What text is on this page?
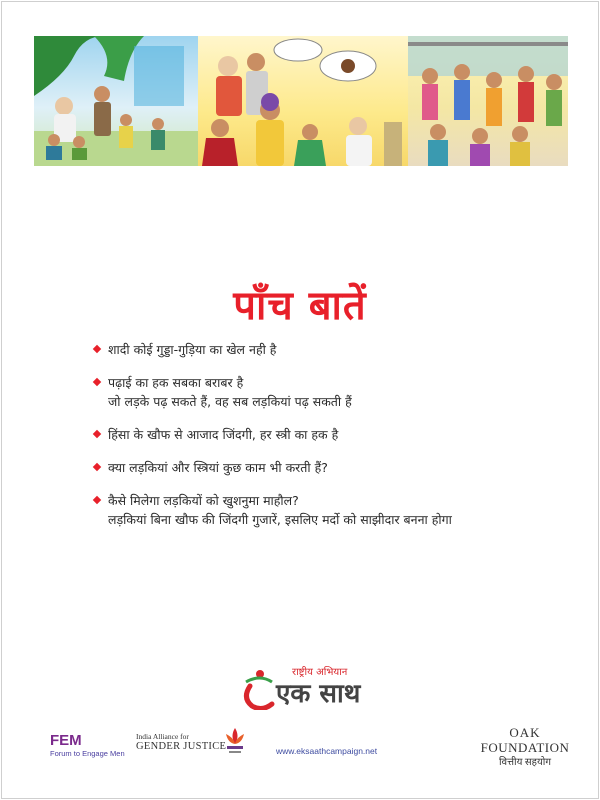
पाँच बातें
शादी कोई गुड्डा-गुड़िया का खेल नही है
पढ़ाई का हक सबका बराबर है
जो लड़के पढ़ सकते हैं, वह सब लड़कियां पढ़ सकती हैं
हिंसा के खौफ से आजाद जिंदगी, हर स्त्री का हक है
क्या लड़कियां और स्त्रियां कुछ काम भी करती हैं?
कैसे मिलेगा लड़कियों को खुशनुमा माहौल?
लड़कियां बिना खौफ की जिंदगी गुजारें, इसलिए मर्दो को साझीदार बनना होगा
राष्ट्रीय अभियान
एक साथ
FEM
Forum to Engage Men
India Alliance for
GENDER JUSTICE	www.eksaathcampaign.net
OAK
FOUNDATION
वित्तीय सहयोग
